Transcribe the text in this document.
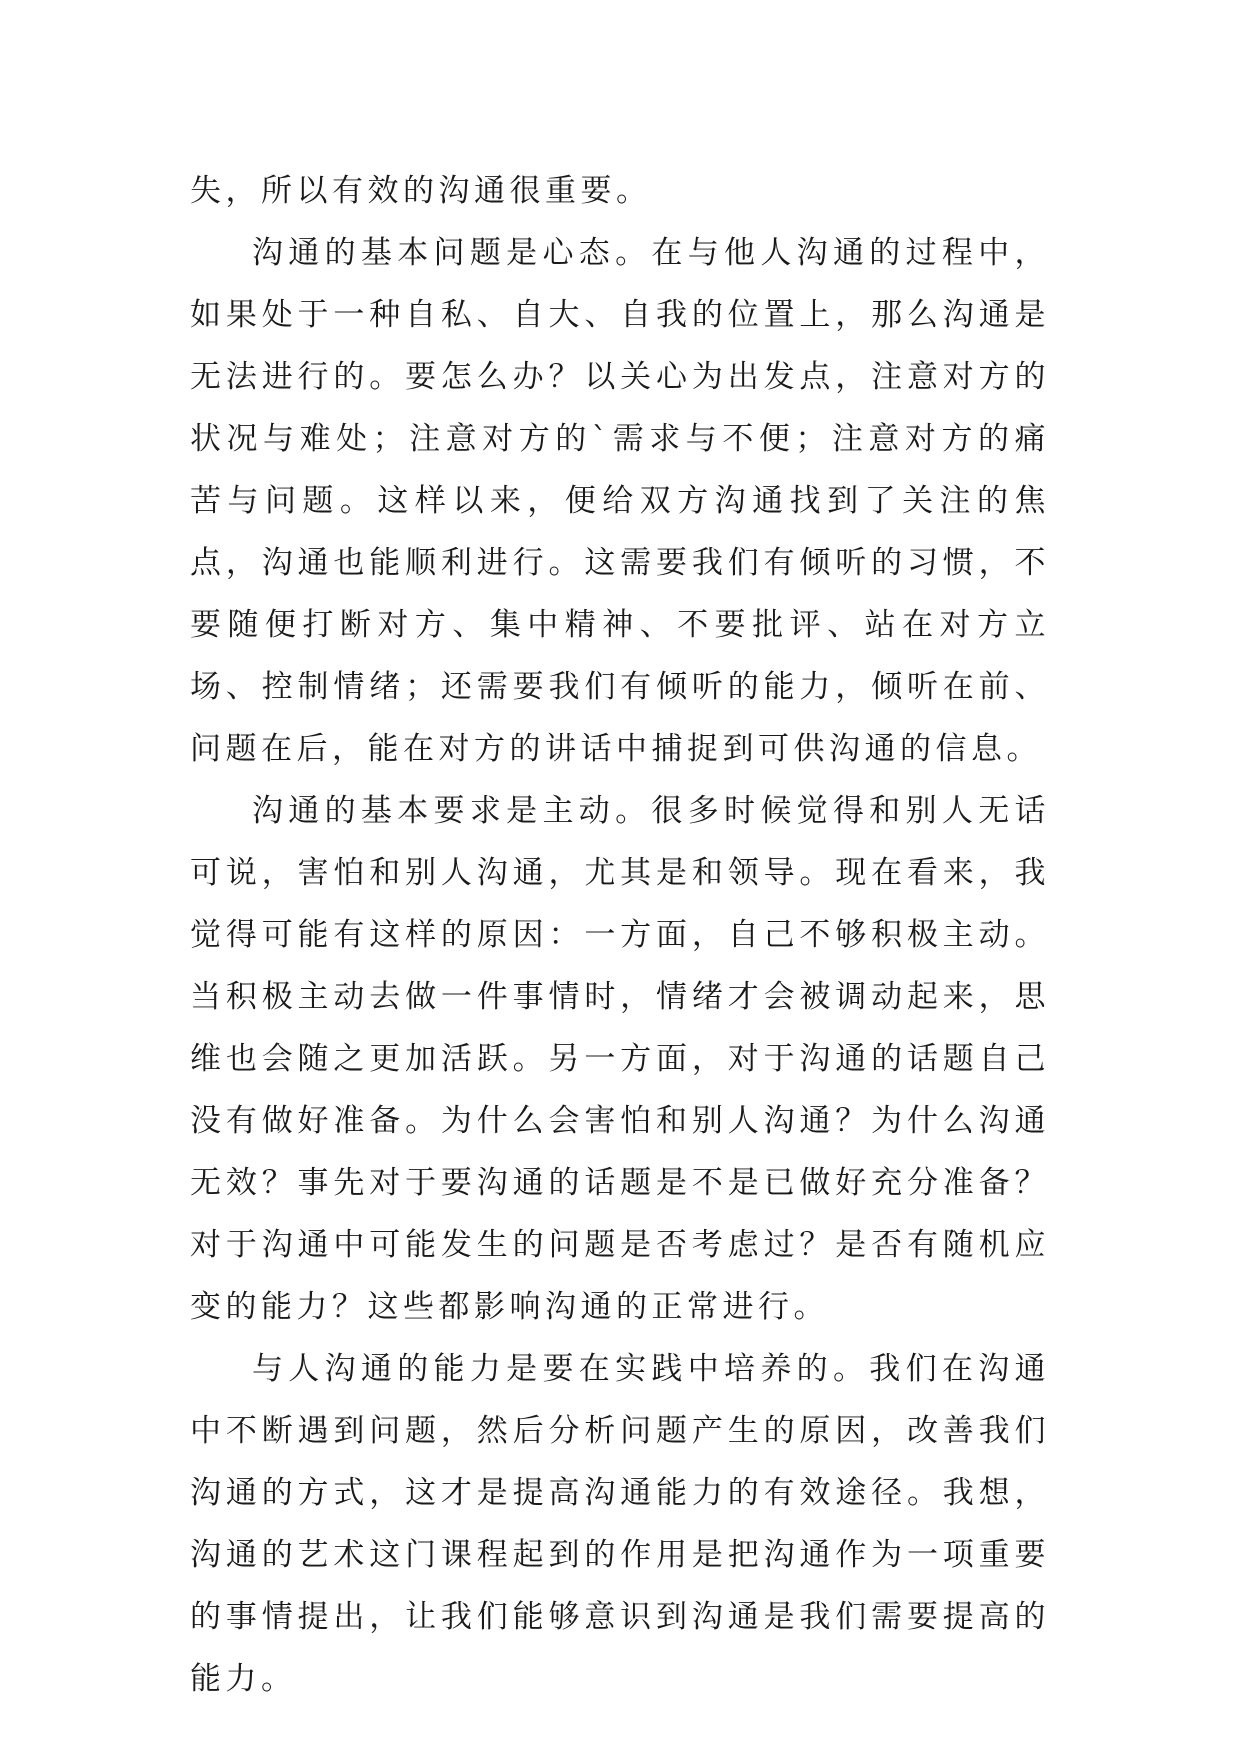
失，所以有效的沟通很重要。

沟通的基本问题是心态。在与他人沟通的过程中，如果处于一种自私、自大、自我的位置上，那么沟通是无法进行的。要怎么办？以关心为出发点，注意对方的状况与难处；注意对方的`需求与不便；注意对方的痛苦与问题。这样以来，便给双方沟通找到了关注的焦点，沟通也能顺利进行。这需要我们有倾听的习惯，不要随便打断对方、集中精神、不要批评、站在对方立场、控制情绪；还需要我们有倾听的能力，倾听在前、问题在后，能在对方的讲话中捕捉到可供沟通的信息。

沟通的基本要求是主动。很多时候觉得和别人无话可说，害怕和别人沟通，尤其是和领导。现在看来，我觉得可能有这样的原因：一方面，自己不够积极主动。当积极主动去做一件事情时，情绪才会被调动起来，思维也会随之更加活跃。另一方面，对于沟通的话题自己没有做好准备。为什么会害怕和别人沟通？为什么沟通无效？事先对于要沟通的话题是不是已做好充分准备？对于沟通中可能发生的问题是否考虑过？是否有随机应变的能力？这些都影响沟通的正常进行。

与人沟通的能力是要在实践中培养的。我们在沟通中不断遇到问题，然后分析问题产生的原因，改善我们沟通的方式，这才是提高沟通能力的有效途径。我想，沟通的艺术这门课程起到的作用是把沟通作为一项重要的事情提出，让我们能够意识到沟通是我们需要提高的能力。
